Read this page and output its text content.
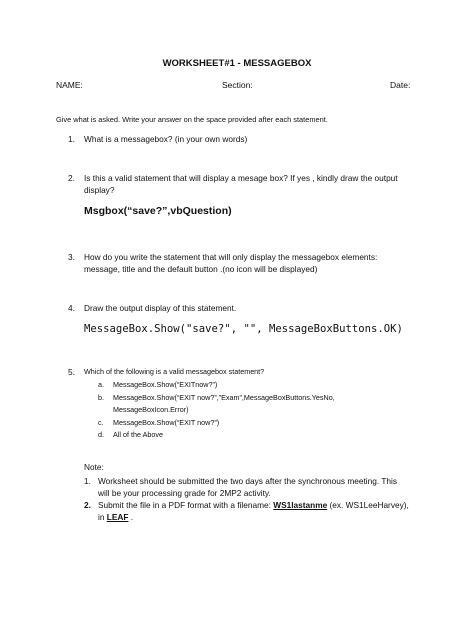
WORKSHEET#1 - MESSAGEBOX
NAME:	Section:	Date:
Give what is asked. Write your answer on the space provided after each statement.
1. What is a messagebox? (in your own words)
2. Is this a valid statement that will display a mesage box? If yes , kindly draw the output
display?
Msgbox(“save?”,vbQuestion)
3. How do you write the statement that will only display the messagebox elements:
message, title and the default button .(no icon will be displayed)
4. Draw the output display of this statement.
MessageBox.Show("save?", "", MessageBoxButtons.OK)
5. Which of the following is a valid messagebox statement?
a. MessageBox.Show(“EXITnow?”)
b. MessageBox.Show(“EXIT now?”,”Exam”,MessageBoxButtons.YesNo,
MessageBoxIcon.Error)
c. MessageBox.Show(“EXIT now?”)
d. All of the Above
Note:
1. Worksheet should be submitted the two days after the synchronous meeting. This
will be your processing grade for 2MP2 activity.
2. Submit the file in a PDF format with a filename: WS1lastanme (ex. WS1LeeHarvey),
in LEAF .
